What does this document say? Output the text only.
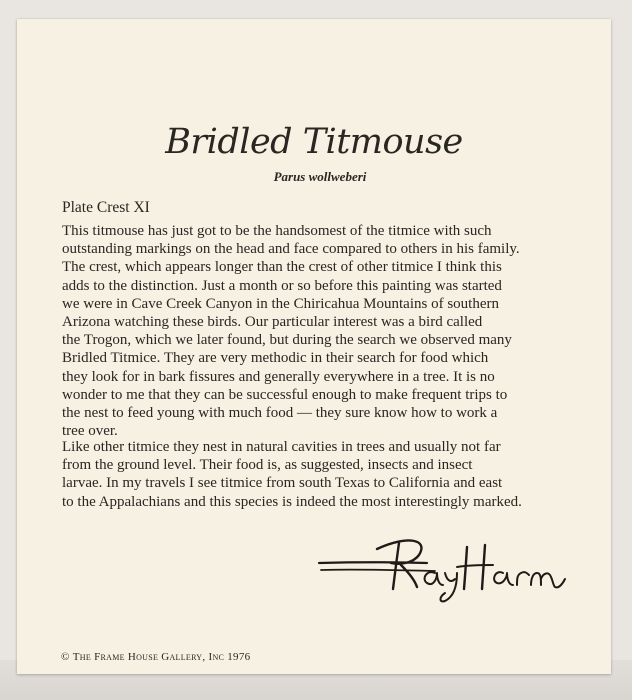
Bridled Titmouse
Parus wollweberi
Plate Crest XI
This titmouse has just got to be the handsomest of the titmice with such
outstanding markings on the head and face compared to others in his family.
The crest, which appears longer than the crest of other titmice I think this
adds to the distinction. Just a month or so before this painting was started
we were in Cave Creek Canyon in the Chiricahua Mountains of southern
Arizona watching these birds. Our particular interest was a bird called
the Trogon, which we later found, but during the search we observed many
Bridled Titmice. They are very methodic in their search for food which
they look for in bark fissures and generally everywhere in a tree. It is no
wonder to me that they can be successful enough to make frequent trips to
the nest to feed young with much food — they sure know how to work a
tree over.
Like other titmice they nest in natural cavities in trees and usually not far
from the ground level. Their food is, as suggested, insects and insect
larvae. In my travels I see titmice from south Texas to California and east
to the Appalachians and this species is indeed the most interestingly marked.
© The Frame House Gallery, Inc 1976
